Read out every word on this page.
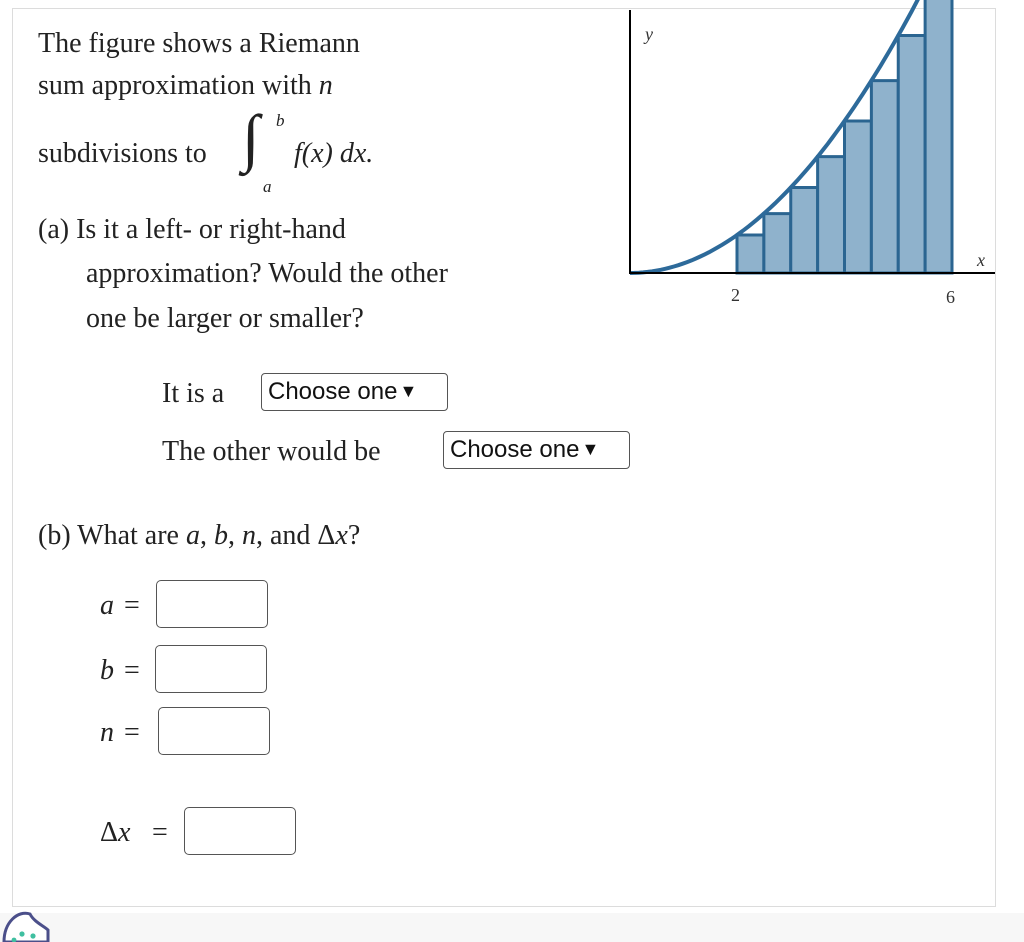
The figure shows a Riemann
sum approximation with n
subdivisions to ∫ b
a
f(x) dx.
(a) Is it a left- or right-hand
approximation? Would the other
one be larger or smaller?
It is a Choose one ▼
The other would be	Choose one ▼
(b) What are a, b, n, and Δx?
a =
b =
n =
Δx =
y
x
2	6
